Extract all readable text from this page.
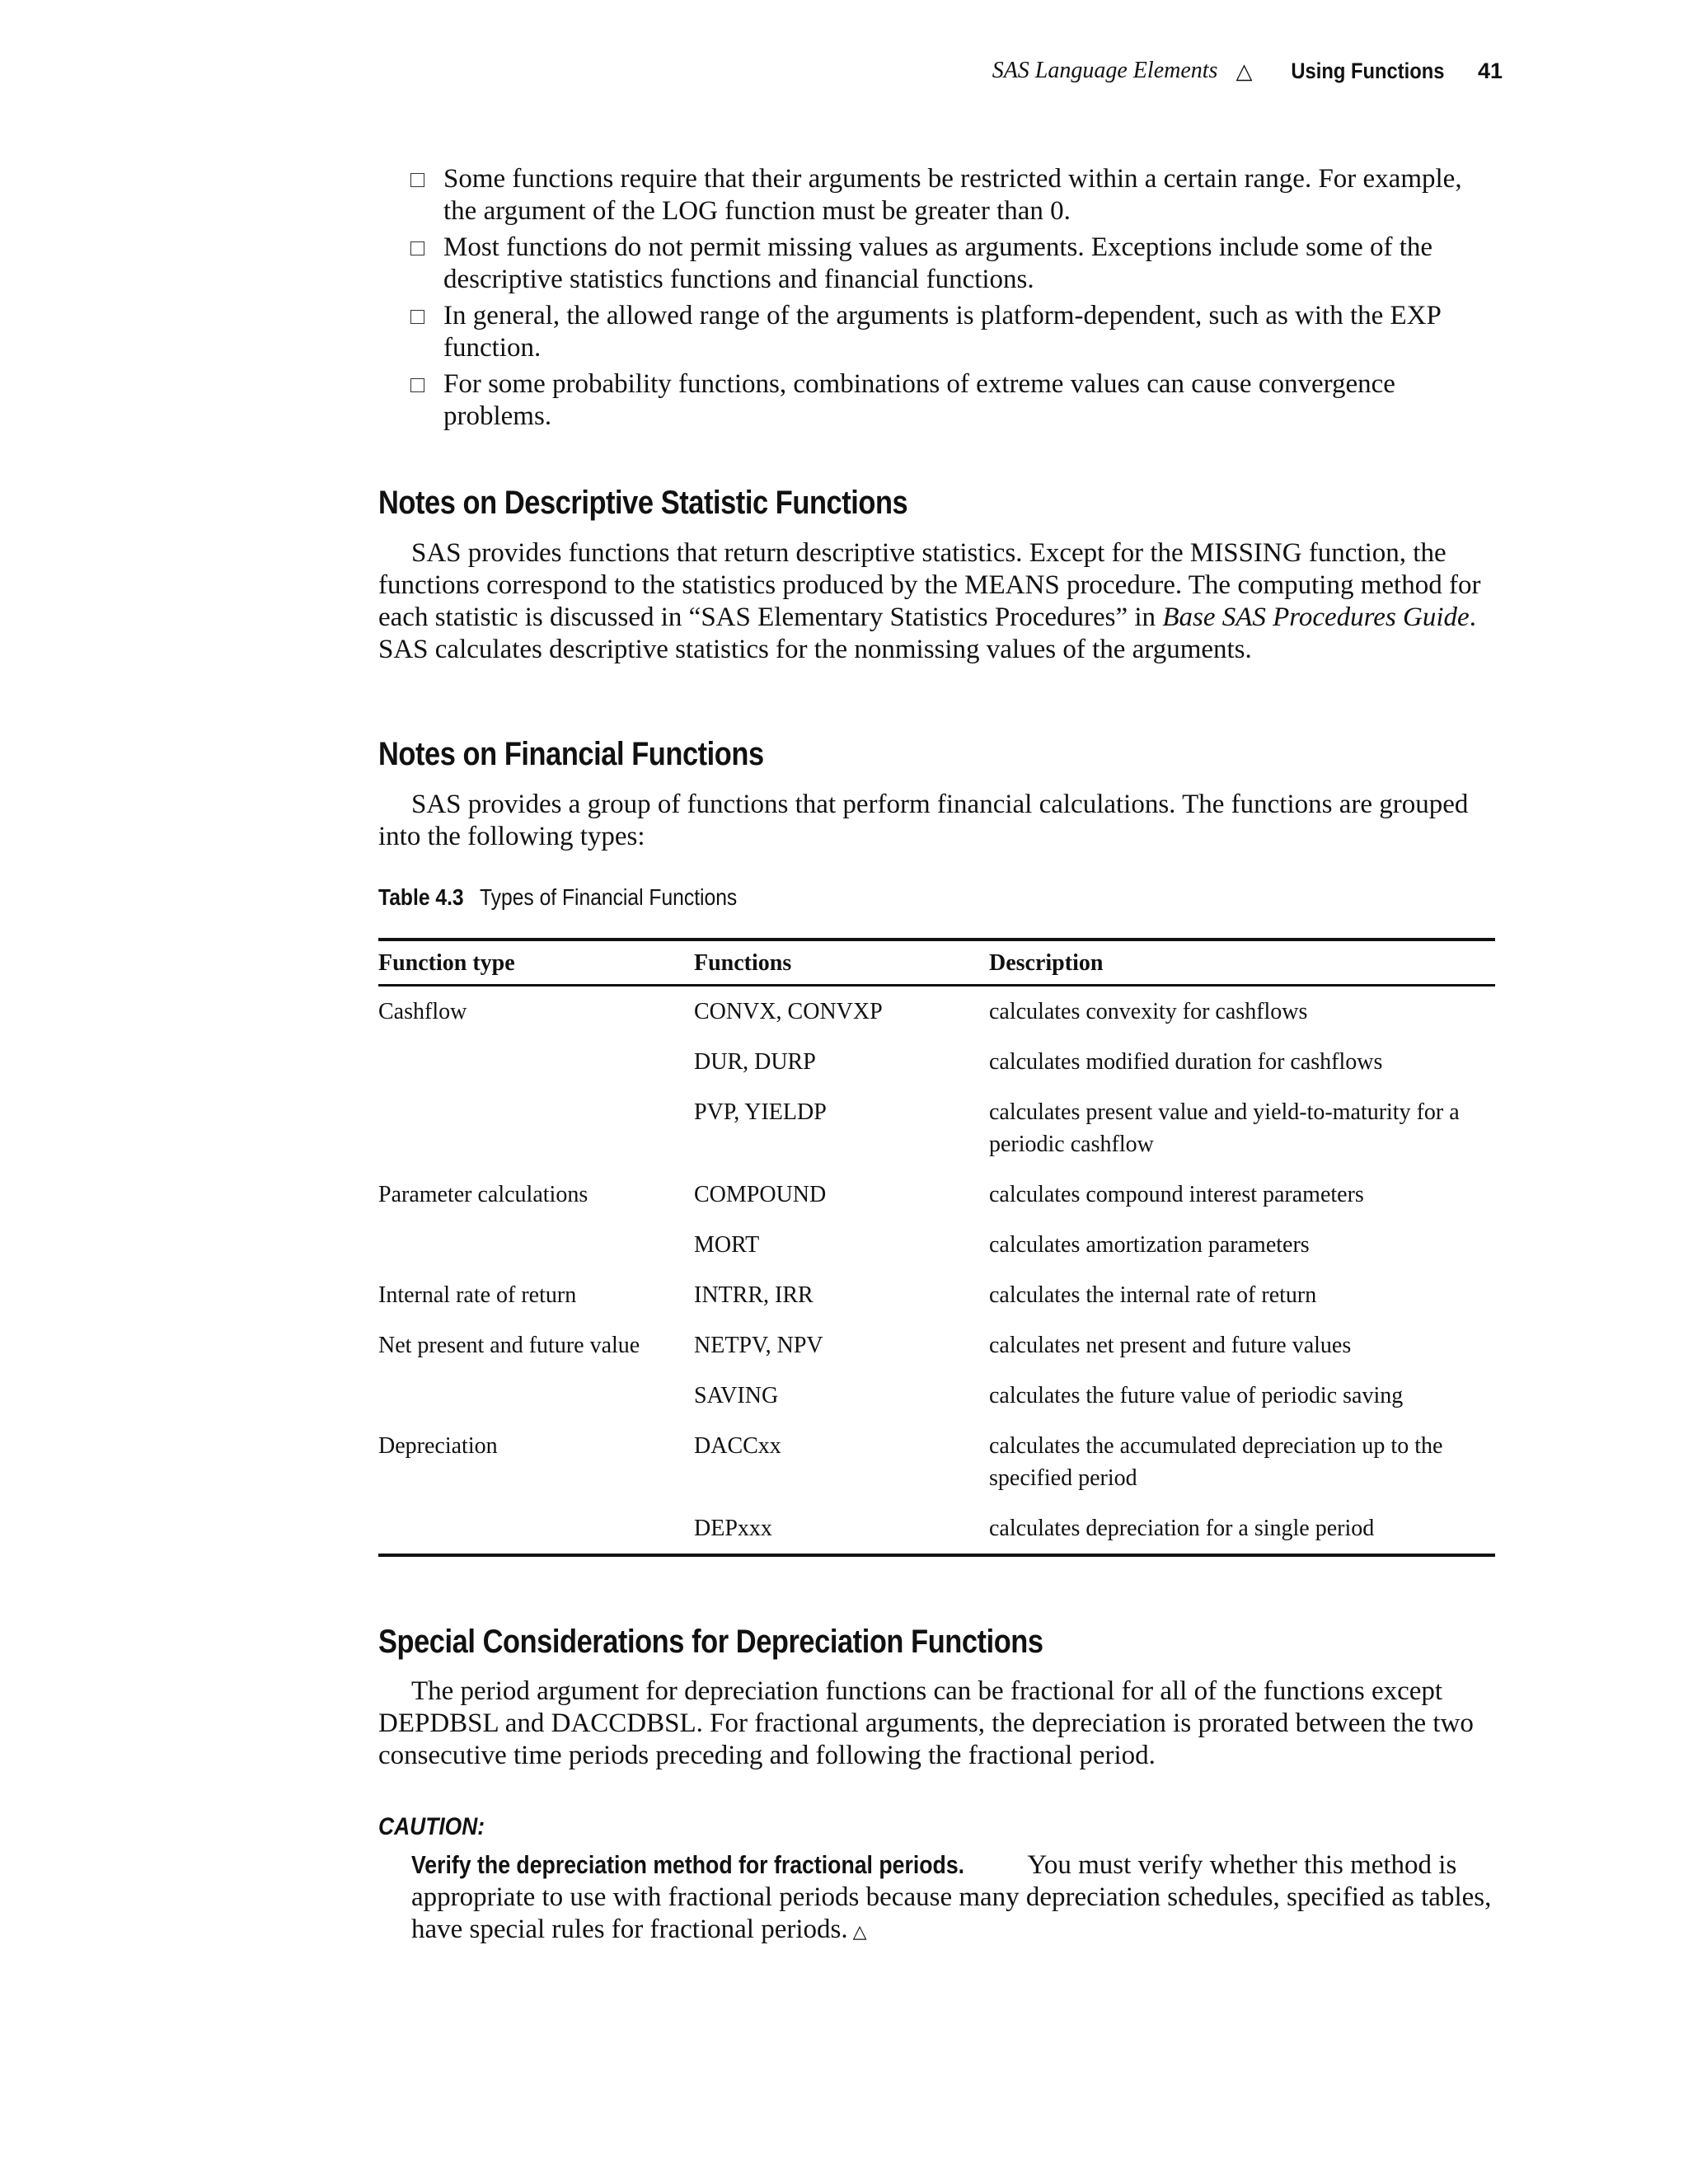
SAS Language Elements △ Using Functions 41
Some functions require that their arguments be restricted within a certain range. For example, the argument of the LOG function must be greater than 0.
Most functions do not permit missing values as arguments. Exceptions include some of the descriptive statistics functions and financial functions.
In general, the allowed range of the arguments is platform-dependent, such as with the EXP function.
For some probability functions, combinations of extreme values can cause convergence problems.
Notes on Descriptive Statistic Functions

SAS provides functions that return descriptive statistics. Except for the MISSING function, the functions correspond to the statistics produced by the MEANS procedure. The computing method for each statistic is discussed in “SAS Elementary Statistics Procedures” in Base SAS Procedures Guide. SAS calculates descriptive statistics for the nonmissing values of the arguments.

Notes on Financial Functions

SAS provides a group of functions that perform financial calculations. The functions are grouped into the following types:

Table 4.3 Types of Financial Functions
Function type	Functions	Description
Cashflow	CONVX, CONVXP	calculates convexity for cashflows
	DUR, DURP	calculates modified duration for cashflows
	PVP, YIELDP	calculates present value and yield-to-maturity for a periodic cashflow
Parameter calculations	COMPOUND	calculates compound interest parameters
	MORT	calculates amortization parameters
Internal rate of return	INTRR, IRR	calculates the internal rate of return
Net present and future value	NETPV, NPV	calculates net present and future values
	SAVING	calculates the future value of periodic saving
Depreciation	DACCxx	calculates the accumulated depreciation up to the specified period
	DEPxxx	calculates depreciation for a single period
Special Considerations for Depreciation Functions

The period argument for depreciation functions can be fractional for all of the functions except DEPDBSL and DACCDBSL. For fractional arguments, the depreciation is prorated between the two consecutive time periods preceding and following the fractional period.

CAUTION:

Verify the depreciation method for fractional periods. You must verify whether this method is appropriate to use with fractional periods because many depreciation schedules, specified as tables, have special rules for fractional periods. △
